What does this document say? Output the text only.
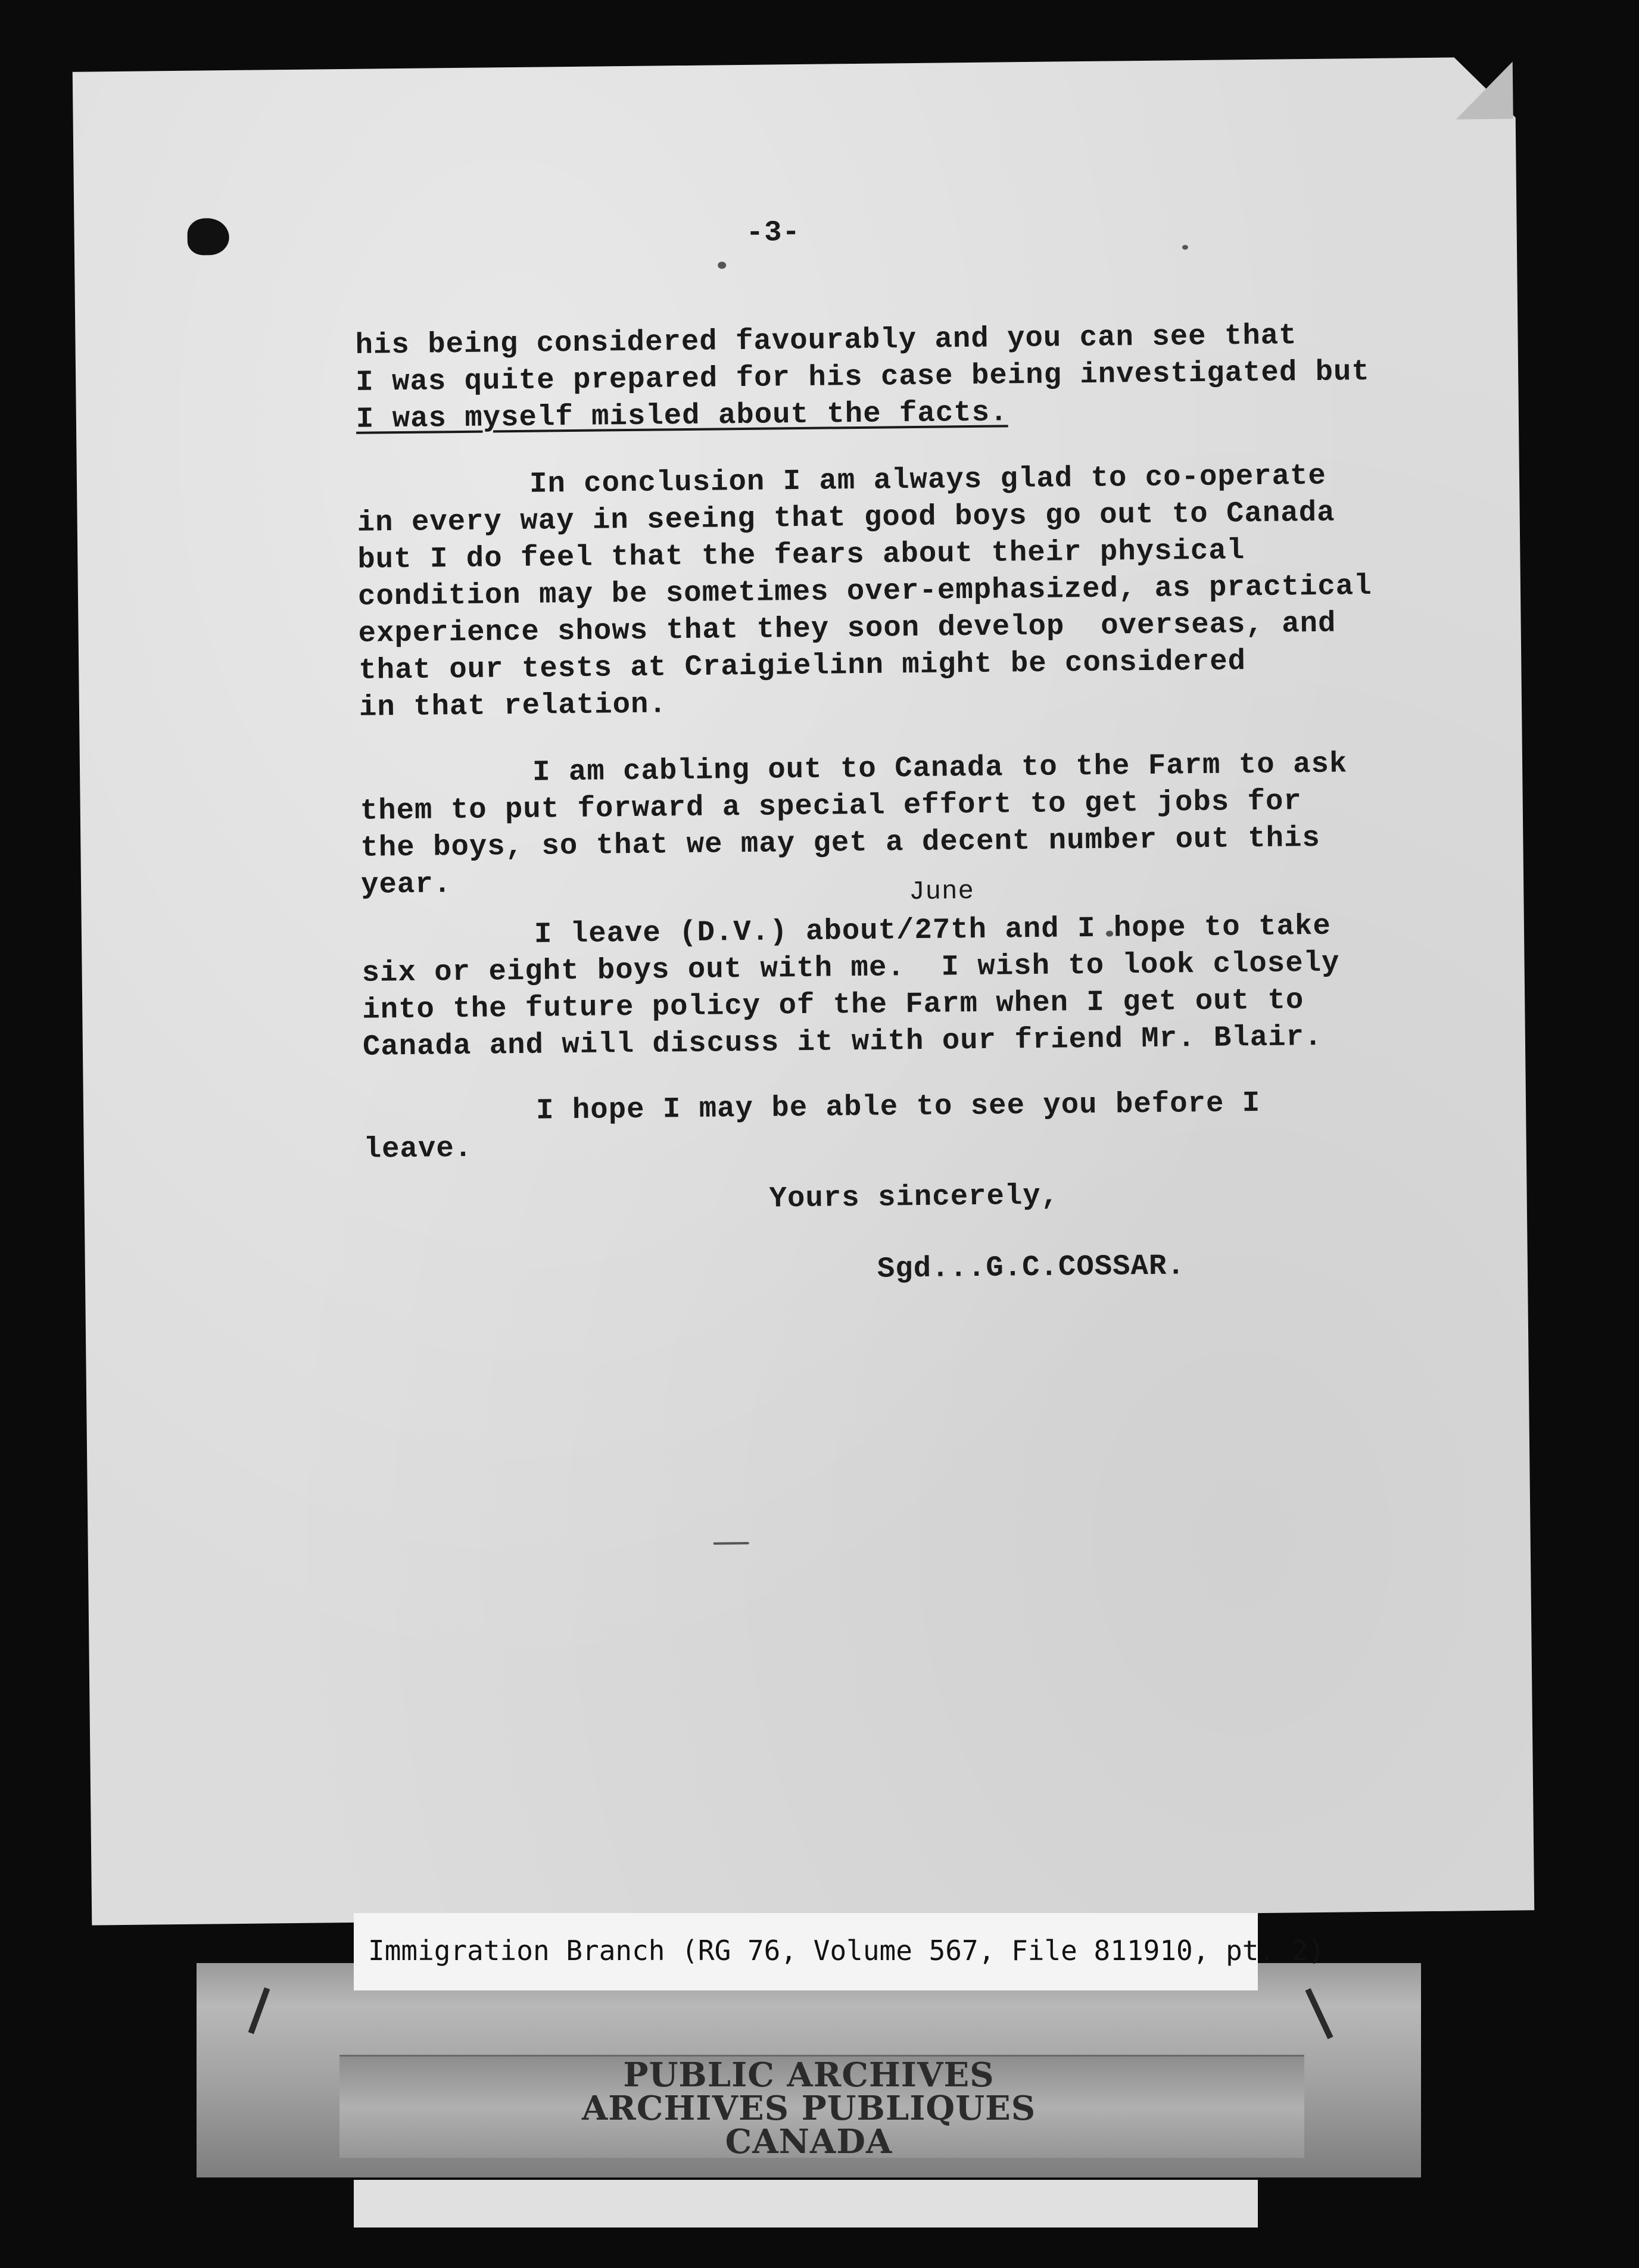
-3-
his being considered favourably and you can see that
I was quite prepared for his case being investigated but
I was myself misled about the facts.
In conclusion I am always glad to co-operate
in every way in seeing that good boys go out to Canada
but I do feel that the fears about their physical
condition may be sometimes over-emphasized, as practical
experience shows that they soon develop  overseas, and
that our tests at Craigielinn might be considered
in that relation.
I am cabling out to Canada to the Farm to ask
them to put forward a special effort to get jobs for
the boys, so that we may get a decent number out this
year.	June
I leave (D.V.) about/27th and I hope to take
six or eight boys out with me.  I wish to look closely
into the future policy of the Farm when I get out to
Canada and will discuss it with our friend Mr. Blair.
I hope I may be able to see you before I
leave.
Yours sincerely,
Sgd...G.C.COSSAR.
PUBLIC ARCHIVES
ARCHIVES PUBLIQUES
CANADA
Immigration Branch (RG 76, Volume 567, File 811910, pt. 2)
